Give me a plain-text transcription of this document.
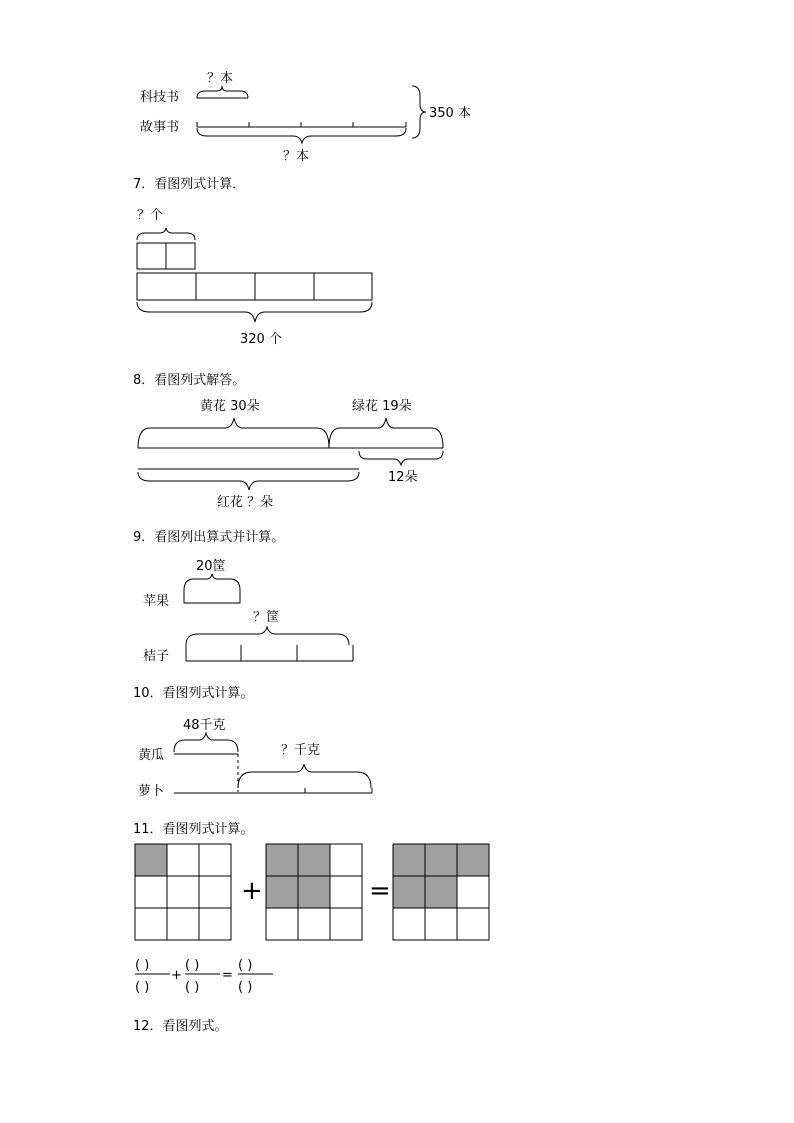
？本
科技书
故事书
？本
350 本
？个
320 个
黄花 30朵	绿花 19朵
12朵
红花 ？朵
20筐
苹果
？筐
桔子
48千克
黄瓜	？千克
萝卜
+	=
( )
( )
+
( )
( )
=
( )
( )
7．看图列式计算．
8．看图列式解答。
9．看图列出算式并计算。
10．看图列式计算。
11．看图列式计算。
12．看图列式。
